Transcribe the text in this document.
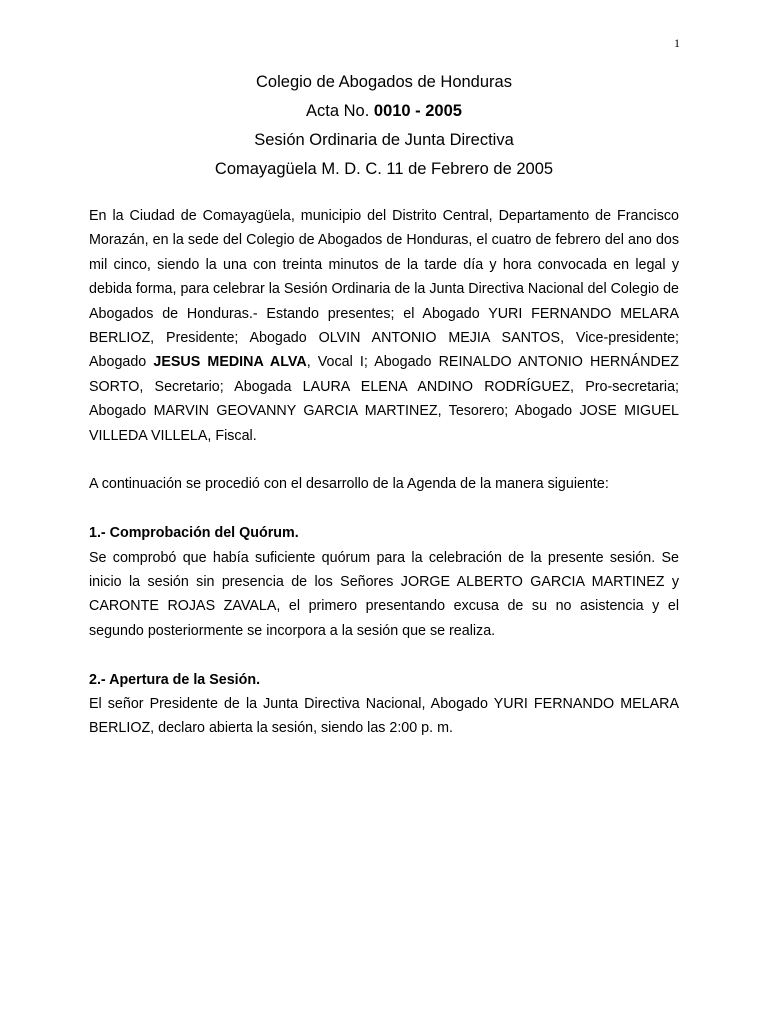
1
Colegio de Abogados de Honduras
Acta No. 0010 - 2005
Sesión Ordinaria de Junta Directiva
Comayagüela M. D. C. 11 de Febrero de 2005

En la Ciudad de Comayagüela, municipio del Distrito Central, Departamento de Francisco Morazán, en la sede del Colegio de Abogados de Honduras, el cuatro de febrero del ano dos mil cinco, siendo la una con treinta minutos de la tarde día y hora convocada en legal y debida forma, para celebrar la Sesión Ordinaria de la Junta Directiva Nacional del Colegio de Abogados de Honduras.- Estando presentes; el Abogado YURI FERNANDO MELARA BERLIOZ, Presidente; Abogado OLVIN ANTONIO MEJIA SANTOS, Vice-presidente; Abogado JESUS MEDINA ALVA, Vocal I; Abogado REINALDO ANTONIO HERNÁNDEZ SORTO, Secretario; Abogada LAURA ELENA ANDINO RODRÍGUEZ, Pro-secretaria; Abogado MARVIN GEOVANNY GARCIA MARTINEZ, Tesorero; Abogado JOSE MIGUEL VILLEDA VILLELA, Fiscal.

A continuación se procedió con el desarrollo de la Agenda de la manera siguiente:

1.- Comprobación del Quórum.

Se comprobó que había suficiente quórum para la celebración de la presente sesión. Se inicio la sesión sin presencia de los Señores JORGE ALBERTO GARCIA MARTINEZ y CARONTE ROJAS ZAVALA, el primero presentando excusa de su no asistencia y el segundo posteriormente se incorpora a la sesión que se realiza.

2.- Apertura de la Sesión.

El señor Presidente de la Junta Directiva Nacional, Abogado YURI FERNANDO MELARA BERLIOZ, declaro abierta la sesión, siendo las 2:00 p. m.
